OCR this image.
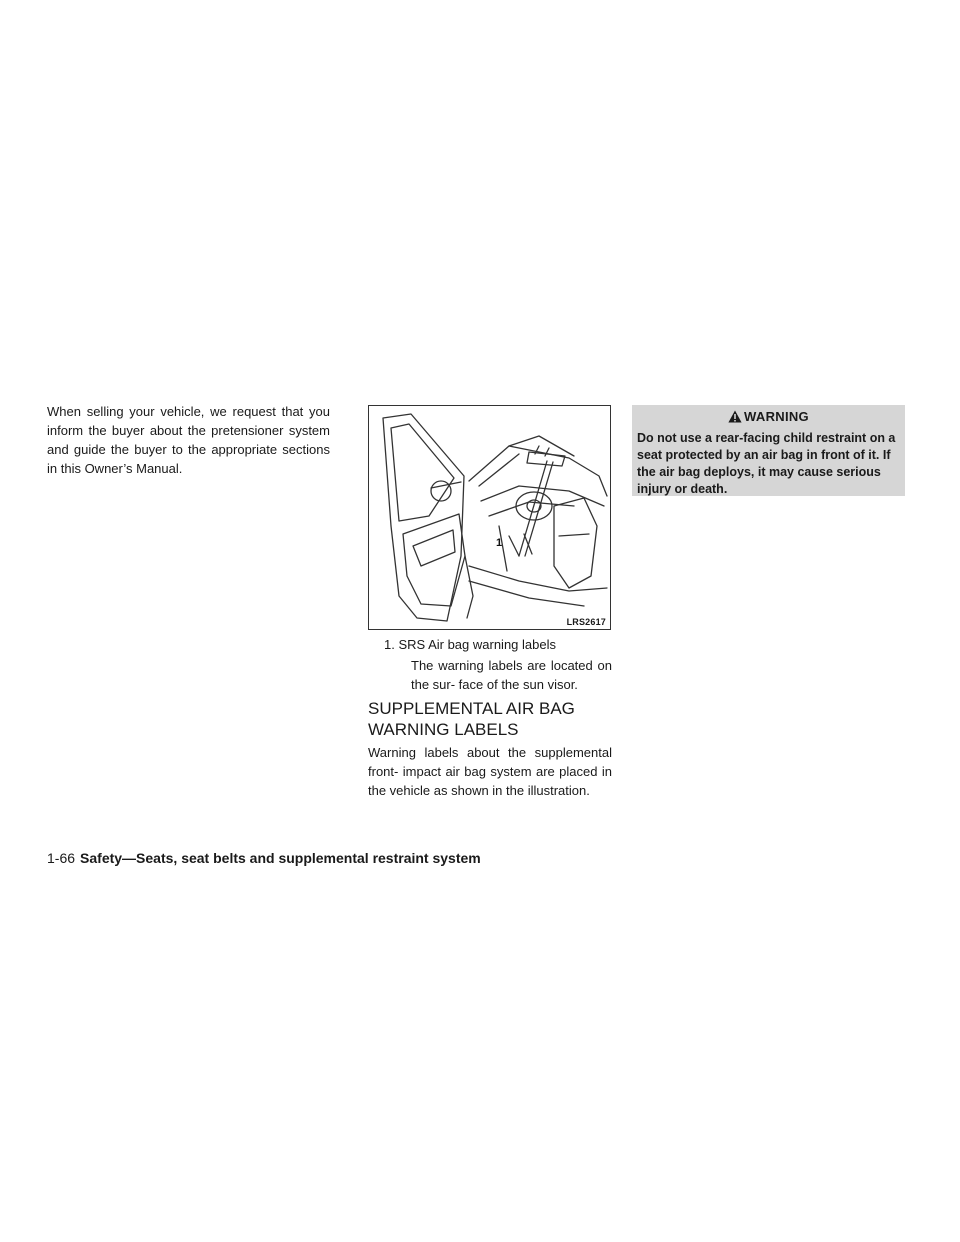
When selling your vehicle, we request that you inform the buyer about the pretensioner system and guide the buyer to the appropriate sections in this Owner’s Manual.

1
LRS2617

1. SRS Air bag warning labels

The warning labels are located on the sur- face of the sun visor.

SUPPLEMENTAL AIR BAG
WARNING LABELS

Warning labels about the supplemental front- impact air bag system are placed in the vehicle as shown in the illustration.

WARNING

Do not use a rear-facing child restraint on a seat protected by an air bag in front of it. If the air bag deploys, it may cause serious injury or death.

1-66 Safety—Seats, seat belts and supplemental restraint system
